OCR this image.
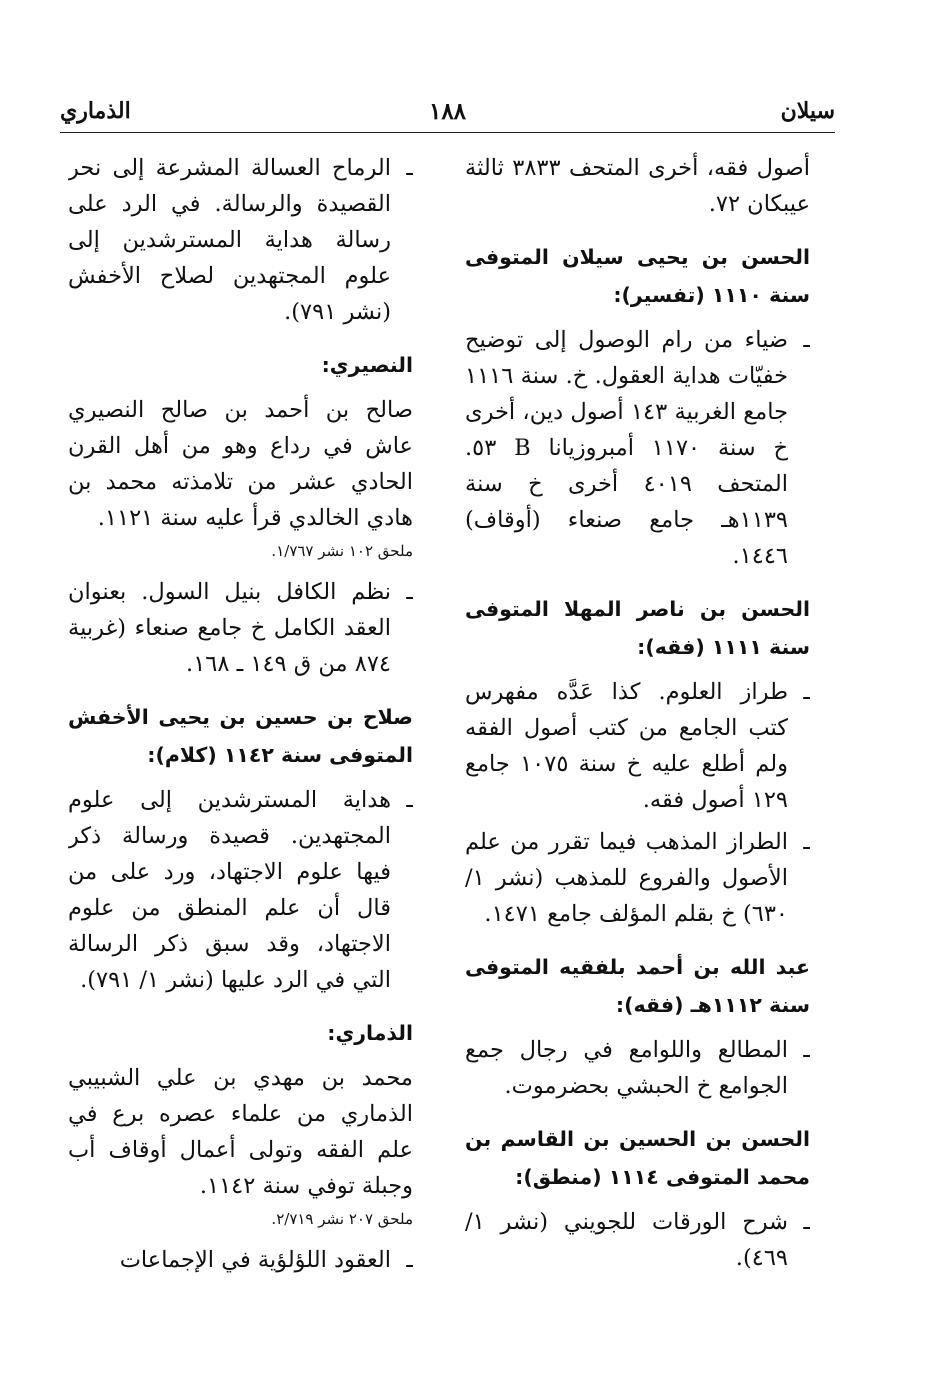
سيلان
١٨٨
الذماري

أصول فقه، أخرى المتحف ٣٨٣٣ ثالثة عيبكان ٧٢.

الحسن بن يحيى سيلان المتوفى سنة ١١١٠ (تفسير):
ـ
ضياء من رام الوصول إلى توضيح خفيّات هداية العقول. خ. سنة ١١١٦ جامع الغربية ١٤٣ أصول دين، أخرى خ سنة ١١٧٠ أمبروزيانا B ٥٣. المتحف ٤٠١٩ أخرى خ سنة ١١٣٩هـ جامع صنعاء (أوقاف) ١٤٤٦.
الحسن بن ناصر المهلا المتوفى سنة ١١١١ (فقه):
ـ
طراز العلوم. كذا عَدَّه مفهرس كتب الجامع من كتب أصول الفقه ولم أطلع عليه خ سنة ١٠٧٥ جامع ١٢٩ أصول فقه.
ـ
الطراز المذهب فيما تقرر من علم الأصول والفروع للمذهب (نشر ١/ ٦٣٠) خ بقلم المؤلف جامع ١٤٧١.
عبد الله بن أحمد بلفقيه المتوفى سنة ١١١٢هـ (فقه):
ـ
المطالع واللوامع في رجال جمع الجوامع خ الحبشي بحضرموت.
الحسن بن الحسين بن القاسم بن محمد المتوفى ١١١٤ (منطق):
ـ
شرح الورقات للجويني (نشر ١/ ٤٦٩).
ـ
الرماح العسالة المشرعة إلى نحر القصيدة والرسالة. في الرد على رسالة هداية المسترشدين إلى علوم المجتهدين لصلاح الأخفش (نشر ٧٩١).
النصيري:

صالح بن أحمد بن صالح النصيري عاش في رداع وهو من أهل القرن الحادي عشر من تلامذته محمد بن هادي الخالدي قرأ عليه سنة ١١٢١.

ملحق ١٠٢ نشر ١/٧٦٧.
ـ
نظم الكافل بنيل السول. بعنوان العقد الكامل خ جامع صنعاء (غربية ٨٧٤ من ق ١٤٩ ـ ١٦٨.
صلاح بن حسين بن يحيى الأخفش المتوفى سنة ١١٤٢ (كلام):
ـ
هداية المسترشدين إلى علوم المجتهدين. قصيدة ورسالة ذكر فيها علوم الاجتهاد، ورد على من قال أن علم المنطق من علوم الاجتهاد، وقد سبق ذكر الرسالة التي في الرد عليها (نشر ١/ ٧٩١).
الذماري:

محمد بن مهدي بن علي الشبيبي الذماري من علماء عصره برع في علم الفقه وتولى أعمال أوقاف أب وجبلة توفي سنة ١١٤٢.

ملحق ٢٠٧ نشر ٢/٧١٩.
ـ
العقود اللؤلؤية في الإجماعات
